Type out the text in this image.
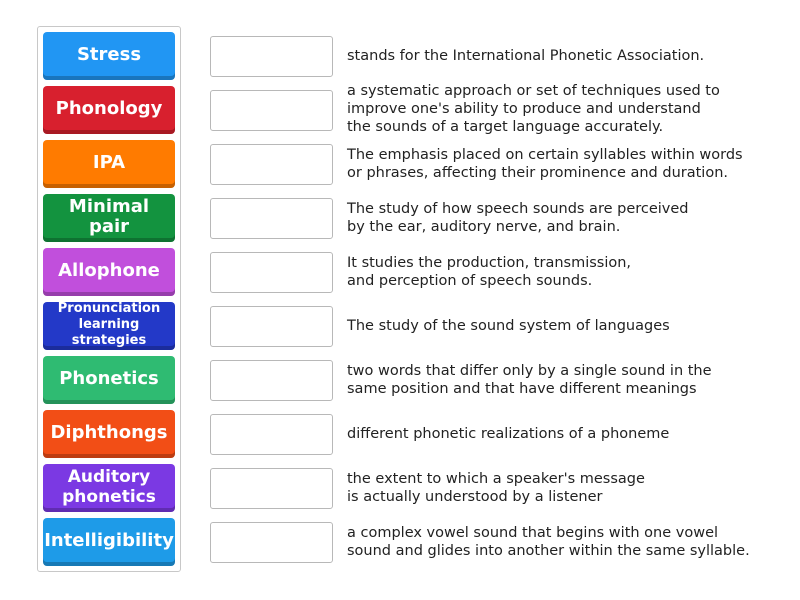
Stress
Phonology
IPA
Minimal pair
Allophone
Pronunciation learning strategies
Phonetics
Diphthongs
Auditory phonetics
Intelligibility
stands for the International Phonetic Association.
a systematic approach or set of techniques used to
improve one's ability to produce and understand
the sounds of a target language accurately.
The emphasis placed on certain syllables within words
or phrases, affecting their prominence and duration.
The study of how speech sounds are perceived
by the ear, auditory nerve, and brain.
It studies the production, transmission,
and perception of speech sounds.
The study of the sound system of languages
two words that differ only by a single sound in the
same position and that have different meanings
different phonetic realizations of a phoneme
the extent to which a speaker's message
is actually understood by a listener
a complex vowel sound that begins with one vowel
sound and glides into another within the same syllable.
